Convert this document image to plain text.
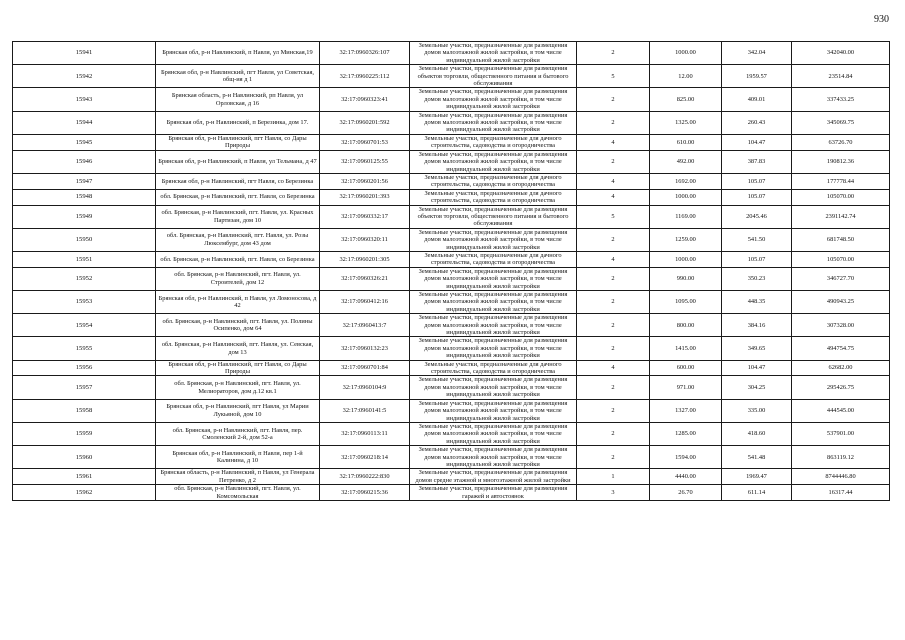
930
15941	Брянская обл, р-н Навлинский, п Навля, ул Минская,19	32:17:0960326:107	Земельные участки, предназначенные для размещения домов малоэтажной жилой застройки, в том числе индивидуальной жилой застройки	2	1000.00	342.04	342040.00
15942	Брянская обл, р-н Навлинский, пгт Навля, ул Советская, общ-ия д 1	32:17:0960225:112	Земельные участки, предназначенные для размещения объектов торговли, общественного питания и бытового обслуживания	5	12.00	1959.57	23514.84
15943	Брянская область, р-н Навлинский, рп Навля, ул Орловская, д 16	32:17:0960323:41	Земельные участки, предназначенные для размещения домов малоэтажной жилой застройки, в том числе индивидуальной жилой застройки	2	825.00	409.01	337433.25
15944	Брянская обл, р-н Навлинский, п Березинка, дом 17.	32:17:0960201:592	Земельные участки, предназначенные для размещения домов малоэтажной жилой застройки, в том числе индивидуальной жилой застройки	2	1325.00	260.43	345069.75
15945	Брянская обл, р-н Навлинский, пгт Навля, со Дары Природы	32:17:0960701:53	Земельные участки, предназначенные для дачного строительства, садоводства и огородничества	4	610.00	104.47	63726.70
15946	Брянская обл, р-н Навлинский, п Навля, ул Тельмана, д 47	32:17:0960125:55	Земельные участки, предназначенные для размещения домов малоэтажной жилой застройки, в том числе индивидуальной жилой застройки	2	492.00	387.83	190812.36
15947	Брянская обл, р-н Навлинский, пгт Навля, со Березинка	32:17:0960201:56	Земельные участки, предназначенные для дачного строительства, садоводства и огородничества	4	1692.00	105.07	177778.44
15948	обл. Брянская, р-н Навлинский, пгт. Навля, со Березинка	32:17:0960201:393	Земельные участки, предназначенные для дачного строительства, садоводства и огородничества	4	1000.00	105.07	105070.00
15949	обл. Брянская, р-н Навлинский, пгт. Навля, ул. Красных Партизан, дом 10	32:17:0960332:17	Земельные участки, предназначенные для размещения объектов торговли, общественного питания и бытового обслуживания	5	1169.00	2045.46	2391142.74
15950	обл. Брянская, р-н Навлинский, пгт. Навля, ул. Розы Люксембург, дом 43 дом	32:17:0960320:11	Земельные участки, предназначенные для размещения домов малоэтажной жилой застройки, в том числе индивидуальной жилой застройки	2	1259.00	541.50	681748.50
15951	обл. Брянская, р-н Навлинский, пгт. Навля, со Березинка	32:17:0960201:305	Земельные участки, предназначенные для дачного строительства, садоводства и огородничества	4	1000.00	105.07	105070.00
15952	обл. Брянская, р-н Навлинский, пгт. Навля, ул. Строителей, дом 12	32:17:0960326:21	Земельные участки, предназначенные для размещения домов малоэтажной жилой застройки, в том числе индивидуальной жилой застройки	2	990.00	350.23	346727.70
15953	Брянская обл, р-н Навлинский, п Навля, ул Ломоносова, д 42	32:17:0960412:16	Земельные участки, предназначенные для размещения домов малоэтажной жилой застройки, в том числе индивидуальной жилой застройки	2	1095.00	448.35	490943.25
15954	обл. Брянская, р-н Навлинский, пгт. Навля, ул. Полины Осипенко, дом 64	32:17:0960413:7	Земельные участки, предназначенные для размещения домов малоэтажной жилой застройки, в том числе индивидуальной жилой застройки	2	800.00	384.16	307328.00
15955	обл. Брянская, р-н Навлинский, пгт. Навля, ул. Севская, дом 13	32:17:0960132:23	Земельные участки, предназначенные для размещения домов малоэтажной жилой застройки, в том числе индивидуальной жилой застройки	2	1415.00	349.65	494754.75
15956	Брянская обл, р-н Навлинский, пгт Навля, со Дары Природы	32:17:0960701:84	Земельные участки, предназначенные для дачного строительства, садоводства и огородничества	4	600.00	104.47	62682.00
15957	обл. Брянская, р-н Навлинский, пгт. Навля, ул. Мелиораторов, дом д.12 кв.1	32:17:0960104:9	Земельные участки, предназначенные для размещения домов малоэтажной жилой застройки, в том числе индивидуальной жилой застройки	2	971.00	304.25	295426.75
15958	Брянская обл, р-н Навлинский, пгт Навля, ул Марии Лукьяной, дом 10	32:17:0960141:5	Земельные участки, предназначенные для размещения домов малоэтажной жилой застройки, в том числе индивидуальной жилой застройки	2	1327.00	335.00	444545.00
15959	обл. Брянская, р-н Навлинский, пгт. Навля, пер. Смоленский 2-й, дом 52-а	32:17:0960113:11	Земельные участки, предназначенные для размещения домов малоэтажной жилой застройки, в том числе индивидуальной жилой застройки	2	1285.00	418.60	537901.00
15960	Брянская обл, р-н Навлинский, п Навля, пер 1-й Калинина, д 10	32:17:0960218:14	Земельные участки, предназначенные для размещения домов малоэтажной жилой застройки, в том числе индивидуальной жилой застройки	2	1594.00	541.48	863119.12
15961	Брянская область, р-н Навлинский, п Навля, ул Генерала Петренко, д 2	32:17:0960222:830	Земельные участки, предназначенные для размещения домов средне этажной и многоэтажной жилой застройки	1	4440.00	1969.47	8744446.80
15962	обл. Брянская, р-н Навлинский, пгт. Навля, ул. Комсомольская	32:17:0960215:36	Земельные участки, предназначенные для размещения гаражей и автостоянок	3	26.70	611.14	16317.44
